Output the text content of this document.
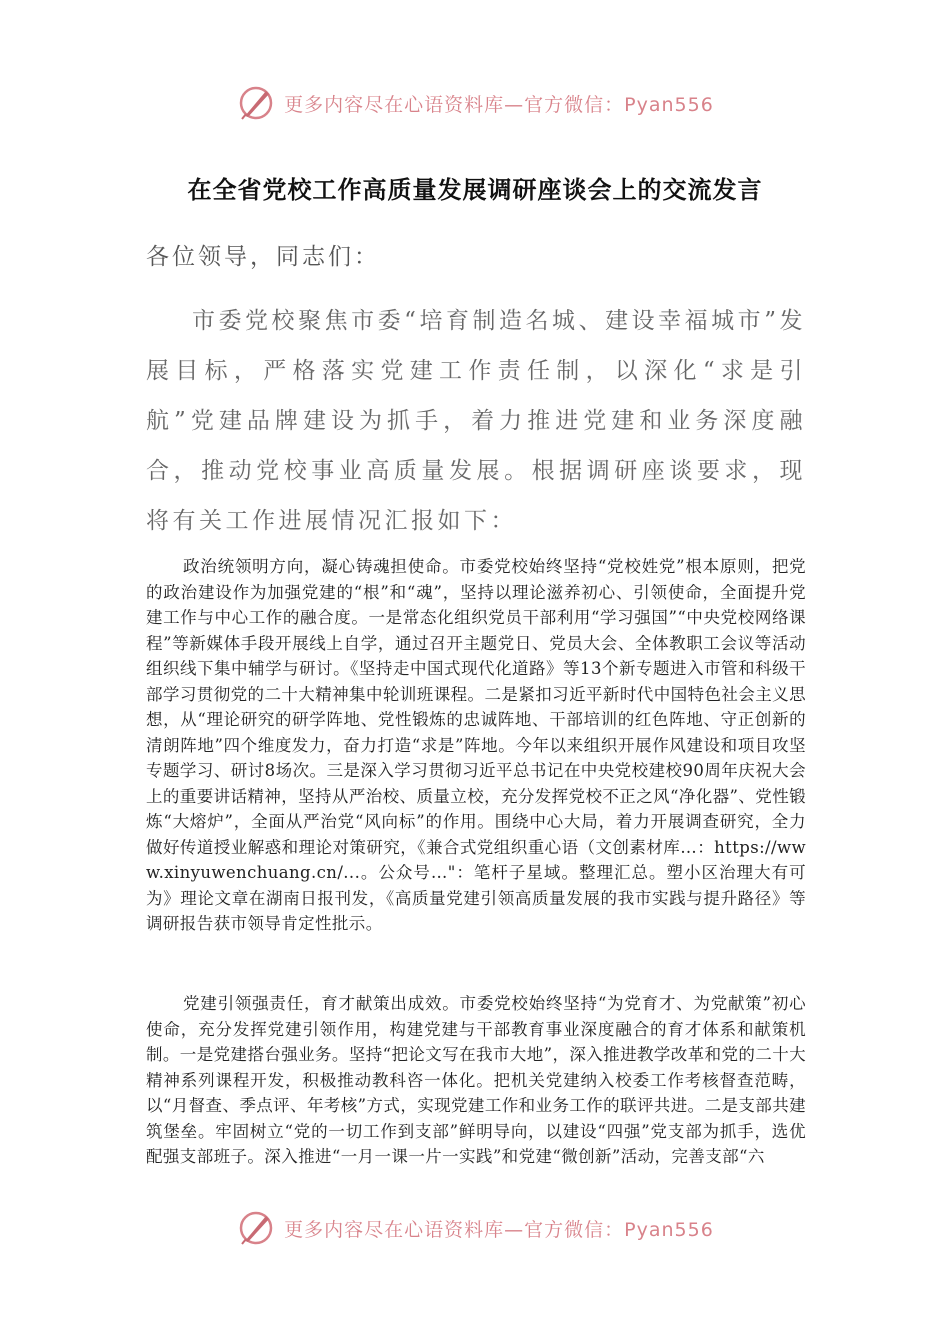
更多内容尽在心语资料库—官方微信：Pyan556
在全省党校工作高质量发展调研座谈会上的交流发言
各位领导，同志们：

市委党校聚焦市委“培育制造名城、建设幸福城市”发展目标，严格落实党建工作责任制，以深化“求是引航”党建品牌建设为抓手，着力推进党建和业务深度融合，推动党校事业高质量发展。根据调研座谈要求，现将有关工作进展情况汇报如下：

政治统领明方向，凝心铸魂担使命。市委党校始终坚持“党校姓党”根本原则，把党的政治建设作为加强党建的“根”和“魂”，坚持以理论滋养初心、引领使命，全面提升党建工作与中心工作的融合度。一是常态化组织党员干部利用“学习强国”“中央党校网络课程”等新媒体手段开展线上自学，通过召开主题党日、党员大会、全体教职工会议等活动组织线下集中辅学与研讨。《坚持走中国式现代化道路》等13个新专题进入市管和科级干部学习贯彻党的二十大精神集中轮训班课程。二是紧扣习近平新时代中国特色社会主义思想，从“理论研究的研学阵地、党性锻炼的忠诚阵地、干部培训的红色阵地、守正创新的清朗阵地”四个维度发力，奋力打造“求是”阵地。今年以来组织开展作风建设和项目攻坚专题学习、研讨8场次。三是深入学习贯彻习近平总书记在中央党校建校90周年庆祝大会上的重要讲话精神，坚持从严治校、质量立校，充分发挥党校不正之风“净化器”、党性锻炼“大熔炉”，全面从严治党“风向标”的作用。围绕中心大局，着力开展调查研究，全力做好传道授业解惑和理论对策研究，《兼合式党组织重心语（文创素材库…：https://www.xinyuwenchuang.cn/...。公众号…"：笔杆子星域。整理汇总。塑小区治理大有可为》理论文章在湖南日报刊发，《高质量党建引领高质量发展的我市实践与提升路径》等调研报告获市领导肯定性批示。

党建引领强责任，育才献策出成效。市委党校始终坚持“为党育才、为党献策”初心使命，充分发挥党建引领作用，构建党建与干部教育事业深度融合的育才体系和献策机制。一是党建搭台强业务。坚持“把论文写在我市大地”，深入推进教学改革和党的二十大精神系列课程开发，积极推动教科咨一体化。把机关党建纳入校委工作考核督查范畴，以“月督查、季点评、年考核”方式，实现党建工作和业务工作的联评共进。二是支部共建筑堡垒。牢固树立“党的一切工作到支部”鲜明导向，以建设“四强”党支部为抓手，选优配强支部班子。深入推进“一月一课一片一实践”和党建“微创新”活动，完善支部“六

更多内容尽在心语资料库—官方微信：Pyan556
